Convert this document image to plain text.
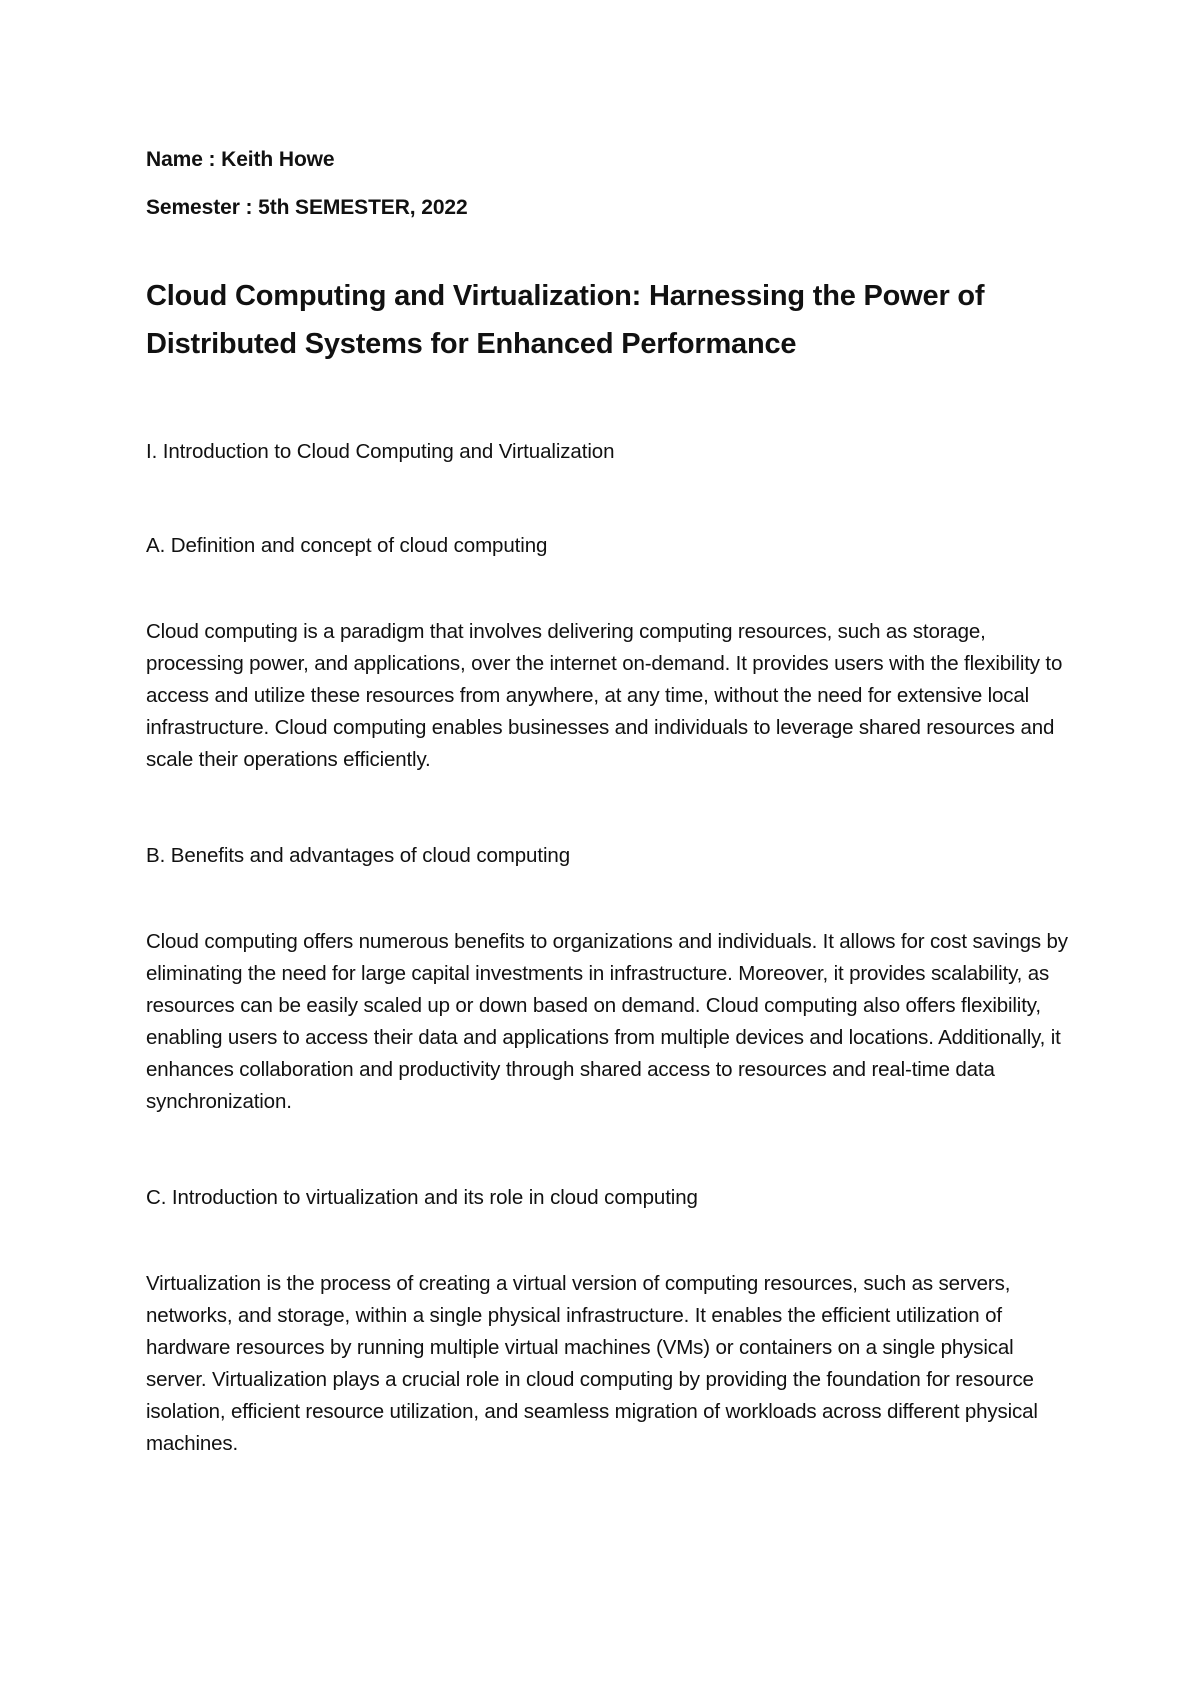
Name : Keith Howe

Semester : 5th SEMESTER, 2022

Cloud Computing and Virtualization: Harnessing the Power of Distributed Systems for Enhanced Performance

I. Introduction to Cloud Computing and Virtualization

A. Definition and concept of cloud computing

Cloud computing is a paradigm that involves delivering computing resources, such as storage, processing power, and applications, over the internet on-demand. It provides users with the flexibility to access and utilize these resources from anywhere, at any time, without the need for extensive local infrastructure. Cloud computing enables businesses and individuals to leverage shared resources and scale their operations efficiently.

B. Benefits and advantages of cloud computing

Cloud computing offers numerous benefits to organizations and individuals. It allows for cost savings by eliminating the need for large capital investments in infrastructure. Moreover, it provides scalability, as resources can be easily scaled up or down based on demand. Cloud computing also offers flexibility, enabling users to access their data and applications from multiple devices and locations. Additionally, it enhances collaboration and productivity through shared access to resources and real-time data synchronization.

C. Introduction to virtualization and its role in cloud computing

Virtualization is the process of creating a virtual version of computing resources, such as servers, networks, and storage, within a single physical infrastructure. It enables the efficient utilization of hardware resources by running multiple virtual machines (VMs) or containers on a single physical server. Virtualization plays a crucial role in cloud computing by providing the foundation for resource isolation, efficient resource utilization, and seamless migration of workloads across different physical machines.
